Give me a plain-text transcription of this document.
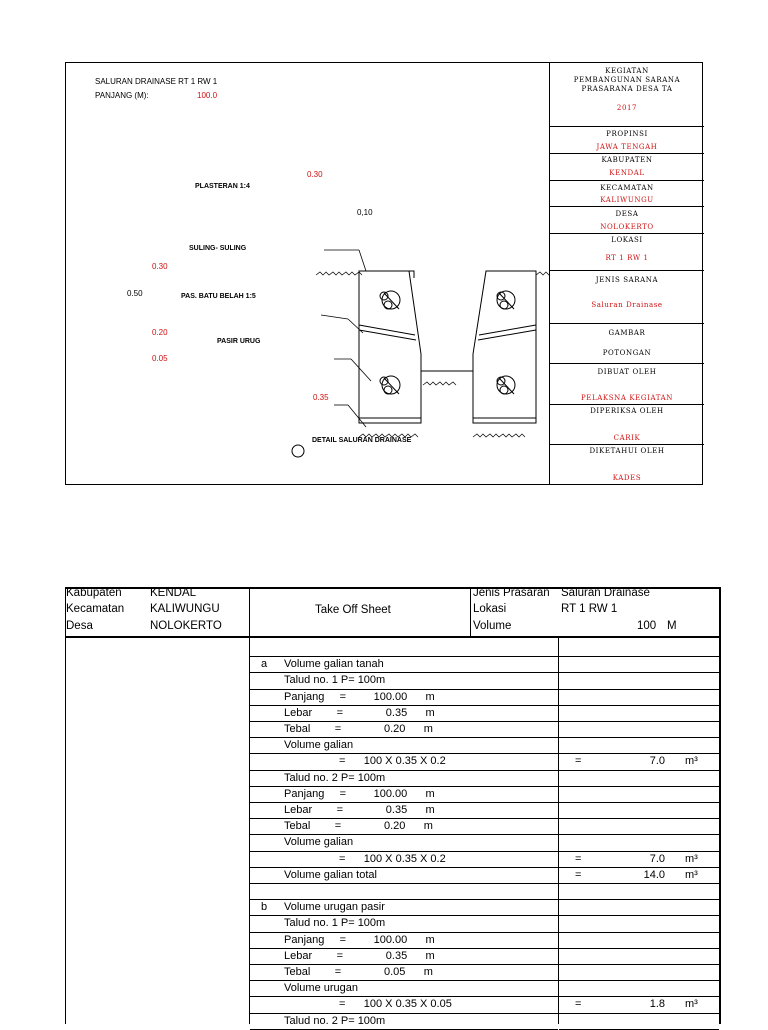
SALURAN DRAINASE RT 1 RW 1
PANJANG (M):	100.0
0.30
PLASTERAN 1:4
0,10
SULING- SULING
0.30
0.50	PAS. BATU BELAH 1:5
0.20
PASIR URUG
0.05
0.35
DETAIL SALURAN DRAINASE
KEGIATAN
PEMBANGUNAN SARANA
PRASARANA DESA TA
2017
PROPINSI
JAWA TENGAH
KABUPATEN
KENDAL
KECAMATAN
KALIWUNGU
DESA
NOLOKERTO
LOKASI
RT 1 RW 1
JENIS SARANA
Saluran Drainase
GAMBAR
POTONGAN
DIBUAT OLEH
PELAKSNA KEGIATAN
DIPERIKSA OLEH
CARIK
DIKETAHUI OLEH
KADES
Kabupaten KENDAL
Kecamatan KALIWUNGU
Desa	NOLOKERTO
Take Off Sheet
Jenis Prasaran Saluran Drainase
Lokasi	RT 1 RW 1
Volume	100 M
a Volume galian tanah
Talud no. 1 P= 100m
Panjang     =         100.00      m
Lebar        =              0.35      m
Tebal        =              0.20      m
Volume galian
=      100 X 0.35 X 0.2	=	7.0 m³
Talud no. 2 P= 100m
Panjang     =         100.00      m
Lebar        =              0.35      m
Tebal        =              0.20      m
Volume galian
=      100 X 0.35 X 0.2	=	7.0 m³
Volume galian total	=	14.0 m³
b Volume urugan pasir
Talud no. 1 P= 100m
Panjang     =         100.00      m
Lebar        =              0.35      m
Tebal        =              0.05      m
Volume urugan
=      100 X 0.35 X 0.05	=	1.8 m³
Talud no. 2 P= 100m
